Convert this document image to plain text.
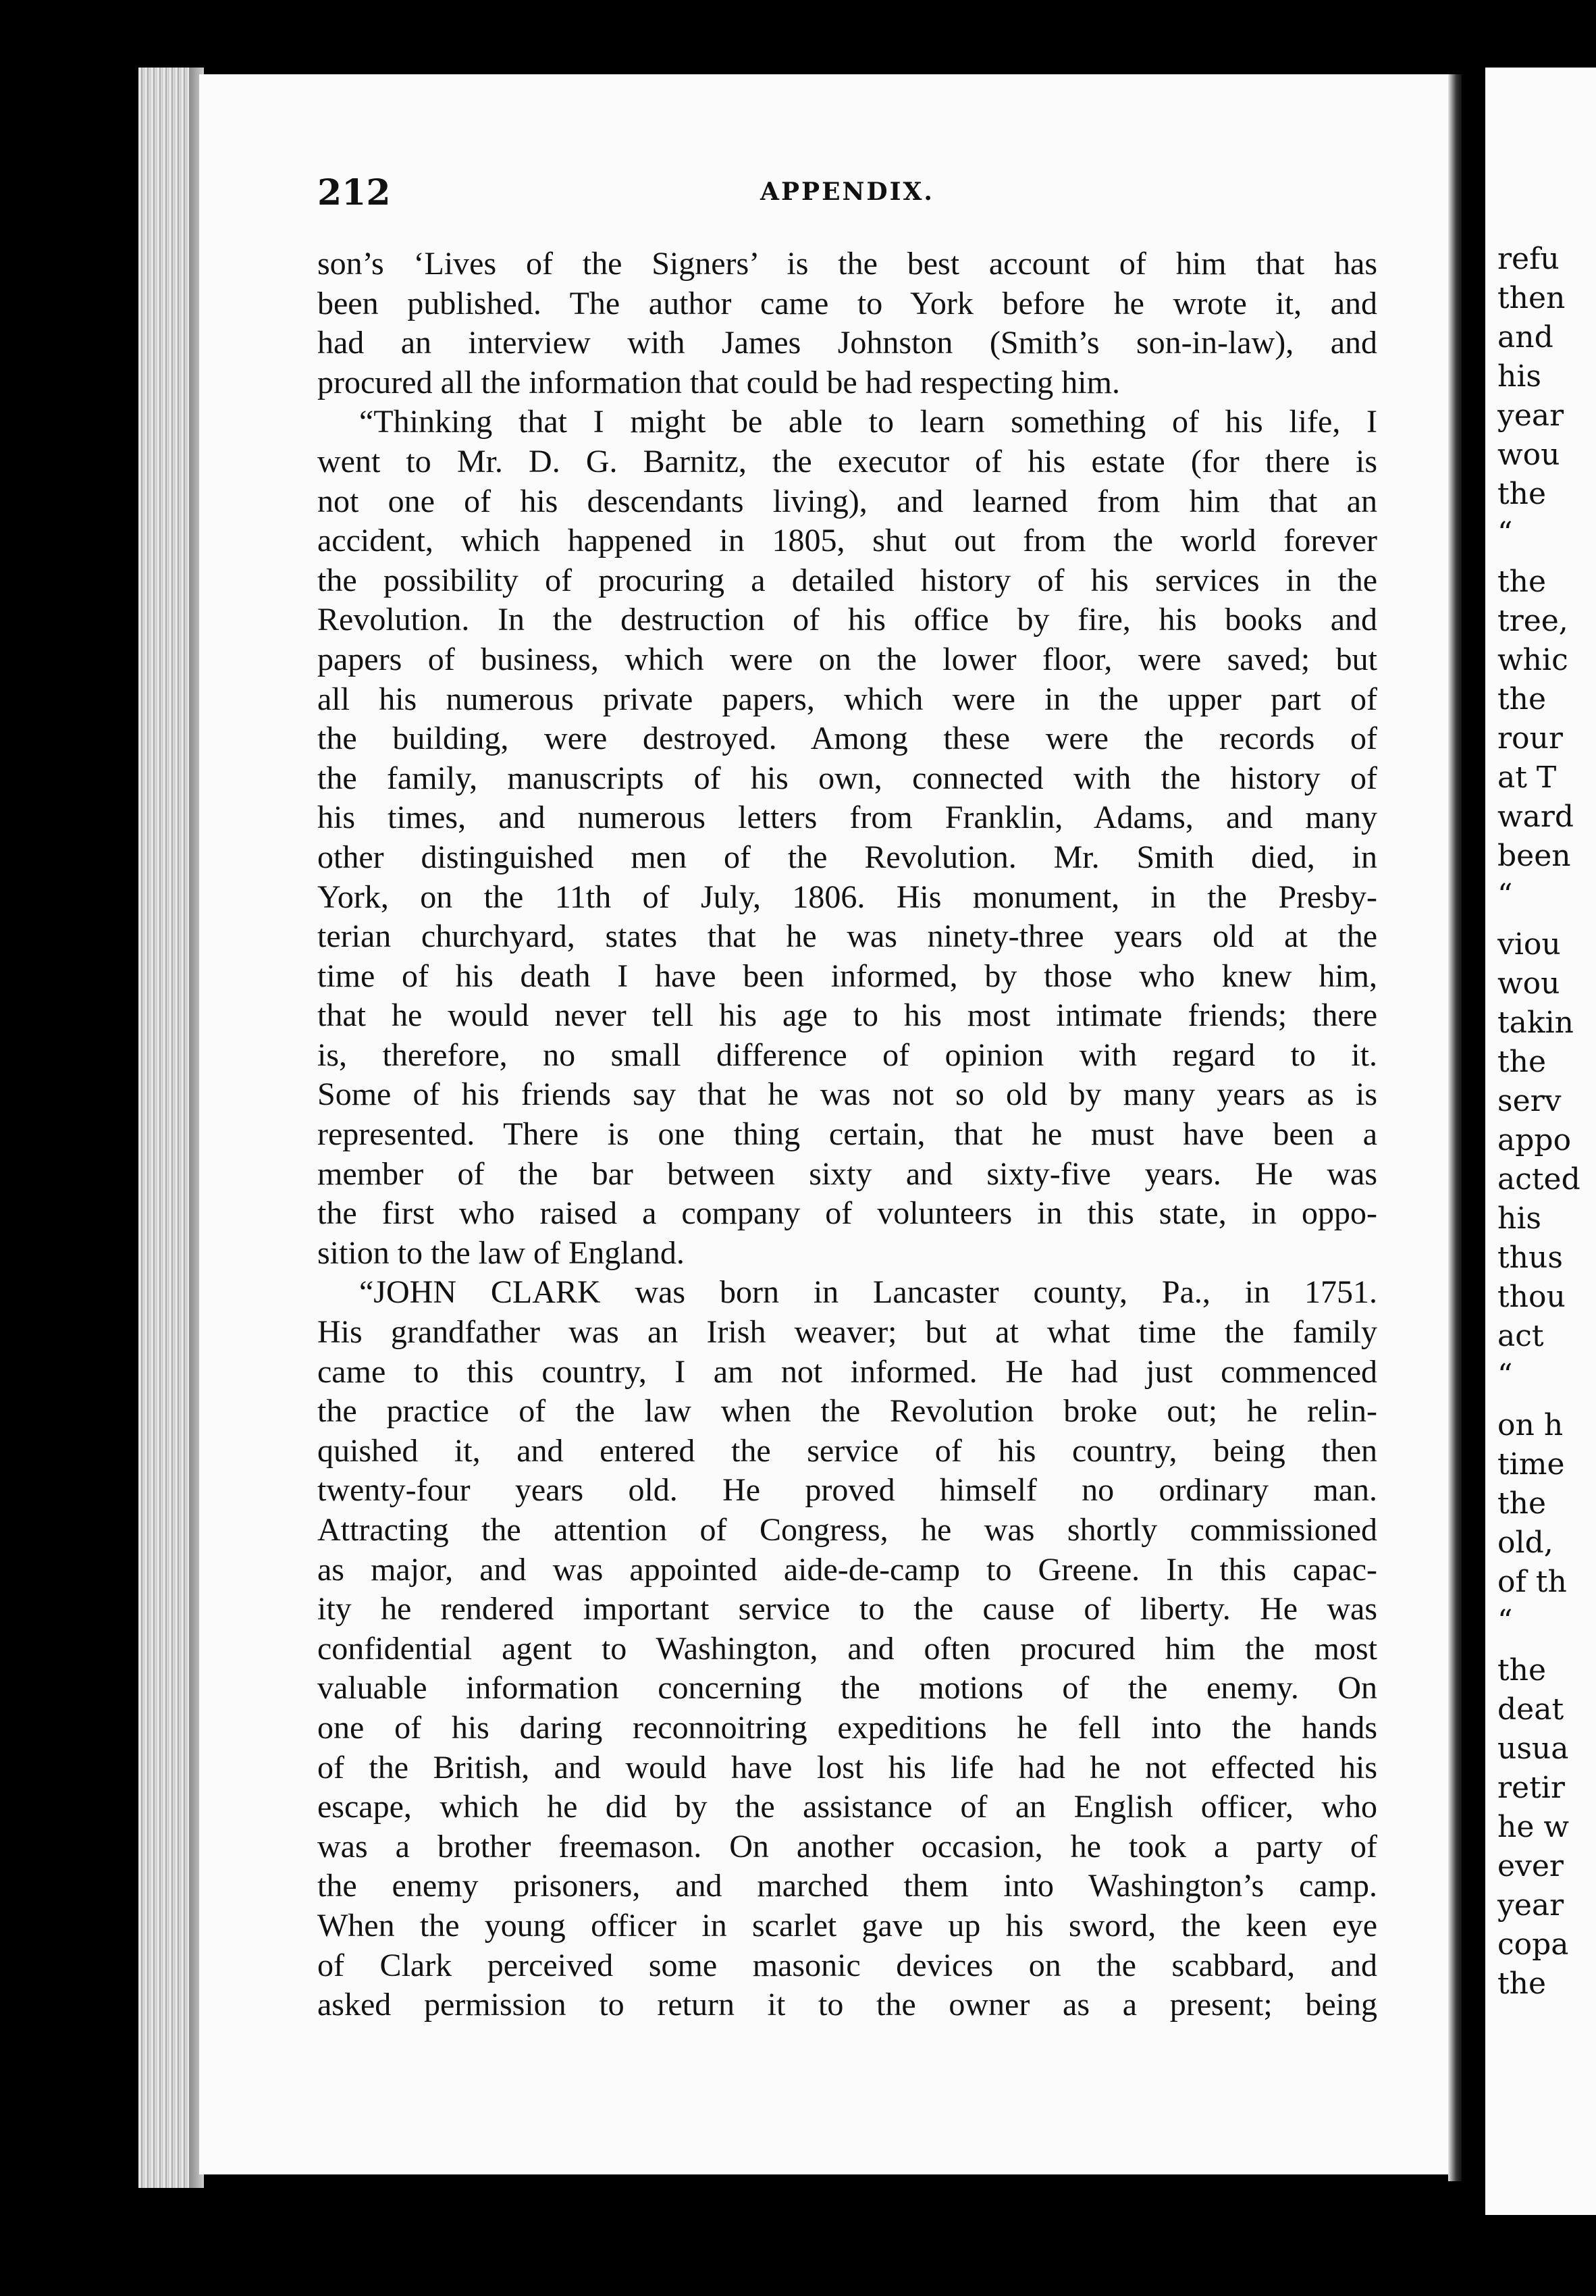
212	APPENDIX.
son’s ‘Lives of the Signers’ is the best account of him that has
been published. The author came to York before he wrote it, and
had an interview with James Johnston (Smith’s son-in-law), and
procured all the information that could be had respecting him.
“Thinking that I might be able to learn something of his life, I
went to Mr. D. G. Barnitz, the executor of his estate (for there is
not one of his descendants living), and learned from him that an
accident, which happened in 1805, shut out from the world forever
the possibility of procuring a detailed history of his services in the
Revolution. In the destruction of his office by fire, his books and
papers of business, which were on the lower floor, were saved; but
all his numerous private papers, which were in the upper part of
the building, were destroyed. Among these were the records of
the family, manuscripts of his own, connected with the history of
his times, and numerous letters from Franklin, Adams, and many
other distinguished men of the Revolution. Mr. Smith died, in
York, on the 11th of July, 1806. His monument, in the Presby-
terian churchyard, states that he was ninety-three years old at the
time of his death I have been informed, by those who knew him,
that he would never tell his age to his most intimate friends; there
is, therefore, no small difference of opinion with regard to it.
Some of his friends say that he was not so old by many years as is
represented. There is one thing certain, that he must have been a
member of the bar between sixty and sixty-five years. He was
the first who raised a company of volunteers in this state, in oppo-
sition to the law of England.
“JOHN CLARK was born in Lancaster county, Pa., in 1751.
His grandfather was an Irish weaver; but at what time the family
came to this country, I am not informed. He had just commenced
the practice of the law when the Revolution broke out; he relin-
quished it, and entered the service of his country, being then
twenty-four years old. He proved himself no ordinary man.
Attracting the attention of Congress, he was shortly commissioned
as major, and was appointed aide-de-camp to Greene. In this capac-
ity he rendered important service to the cause of liberty. He was
confidential agent to Washington, and often procured him the most
valuable information concerning the motions of the enemy. On
one of his daring reconnoitring expeditions he fell into the hands
of the British, and would have lost his life had he not effected his
escape, which he did by the assistance of an English officer, who
was a brother freemason. On another occasion, he took a party of
the enemy prisoners, and marched them into Washington’s camp.
When the young officer in scarlet gave up his sword, the keen eye
of Clark perceived some masonic devices on the scabbard, and
asked permission to return it to the owner as a present; being
refu
then
and
his
year
wou
the
“
the
tree,
whic
the
rour
at T
ward
been
“
viou
wou
takin
the
serv
appo
acted
his
thus
thou
act
“
on h
time
the
old,
of th
“
the
deat
usua
retir
he w
ever
year
copa
the
